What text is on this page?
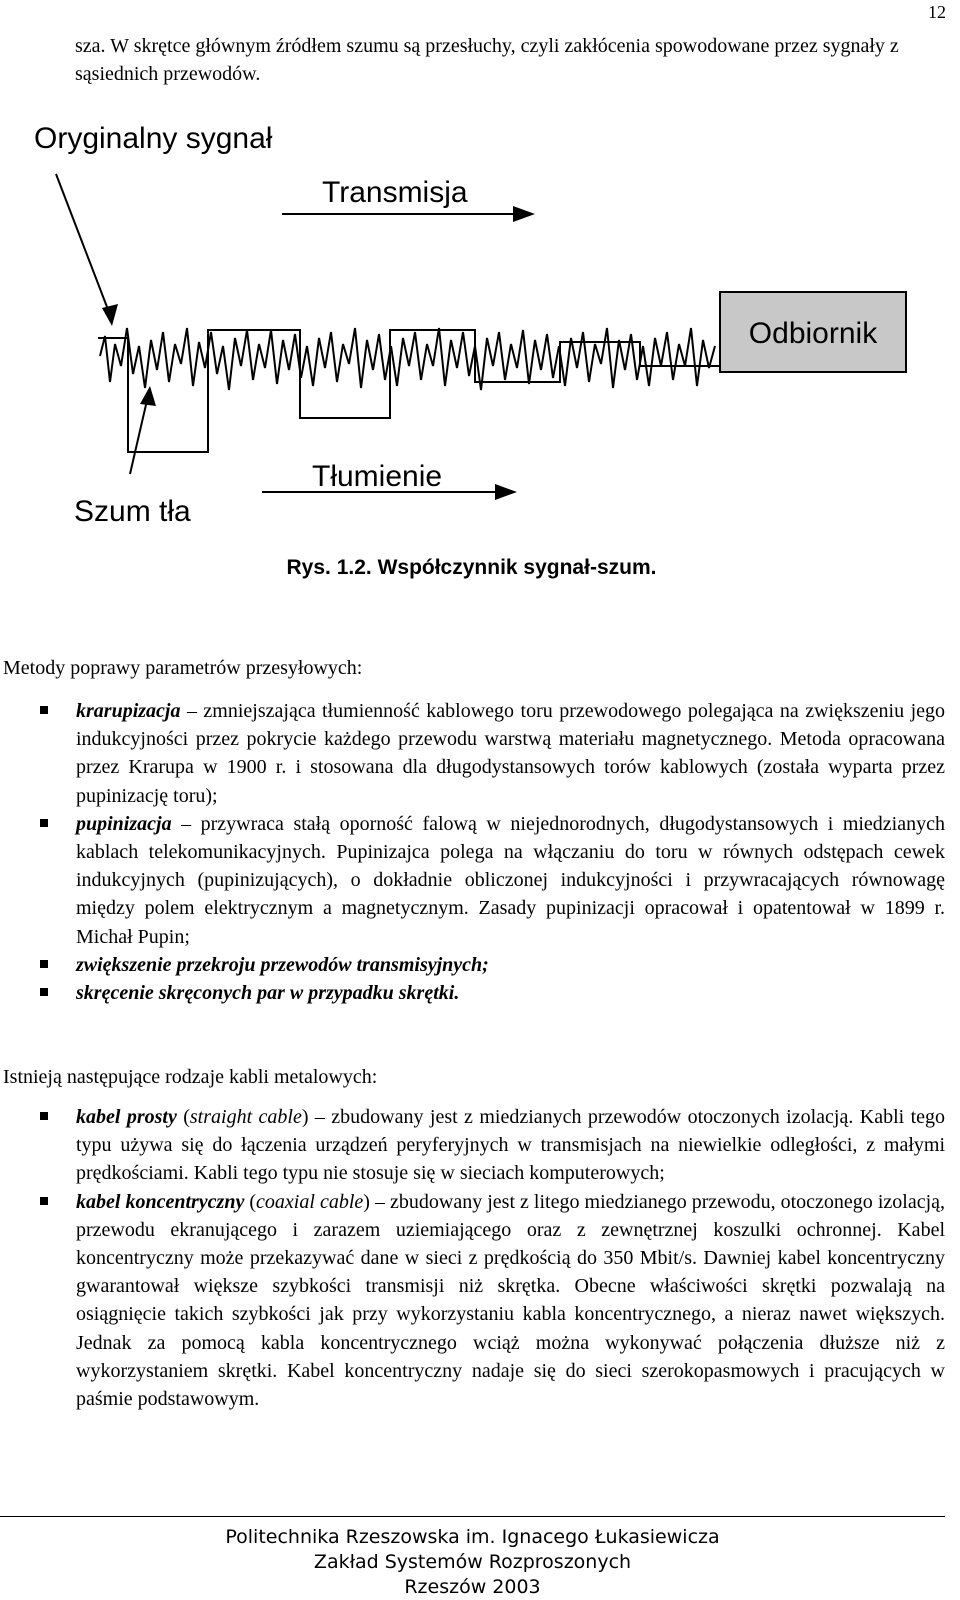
12
sza. W skrętce głównym źródłem szumu są przesłuchy, czyli zakłócenia spowodowane przez sygnały z sąsiednich przewodów.
Oryginalny sygnał
Transmisja
Tłumienie
Szum tła
Odbiornik
Rys. 1.2. Współczynnik sygnał-szum.
Metody poprawy parametrów przesyłowych:
krarupizacja – zmniejszająca tłumienność kablowego toru przewodowego polegająca na zwiększeniu jego indukcyjności przez pokrycie każdego przewodu warstwą materiału magnetycznego. Metoda opracowana przez Krarupa w 1900 r. i stosowana dla długodystansowych torów kablowych (została wyparta przez pupinizację toru);
pupinizacja – przywraca stałą oporność falową w niejednorodnych, długodystansowych i miedzianych kablach telekomunikacyjnych. Pupinizajca polega na włączaniu do toru w równych odstępach cewek indukcyjnych (pupinizujących), o dokładnie obliczonej indukcyjności i przywracających równowagę między polem elektrycznym a magnetycznym. Zasady pupinizacji opracował i opatentował w 1899 r. Michał Pupin;
zwiększenie przekroju przewodów transmisyjnych;
skręcenie skręconych par w przypadku skrętki.
Istnieją następujące rodzaje kabli metalowych:
kabel prosty (straight cable) – zbudowany jest z miedzianych przewodów otoczonych izolacją. Kabli tego typu używa się do łączenia urządzeń peryferyjnych w transmisjach na niewielkie odległości, z małymi prędkościami. Kabli tego typu nie stosuje się w sieciach komputerowych;
kabel koncentryczny (coaxial cable) – zbudowany jest z litego miedzianego przewodu, otoczonego izolacją, przewodu ekranującego i zarazem uziemiającego oraz z zewnętrznej koszulki ochronnej. Kabel koncentryczny może przekazywać dane w sieci z prędkością do 350 Mbit/s. Dawniej kabel koncentryczny gwarantował większe szybkości transmisji niż skrętka. Obecne właściwości skrętki pozwalają na osiągnięcie takich szybkości jak przy wykorzystaniu kabla koncentrycznego, a nieraz nawet większych. Jednak za pomocą kabla koncentrycznego wciąż można wykonywać połączenia dłuższe niż z wykorzystaniem skrętki. Kabel koncentryczny nadaje się do sieci szerokopasmowych i pracujących w paśmie podstawowym.
Politechnika Rzeszowska im. Ignacego Łukasiewicza
Zakład Systemów Rozproszonych
Rzeszów 2003
